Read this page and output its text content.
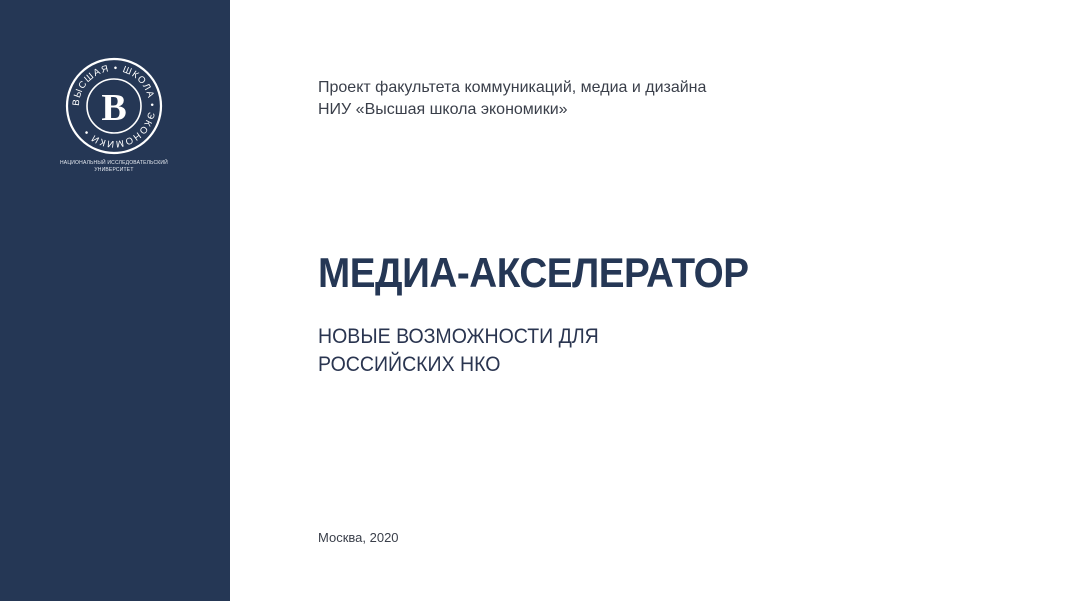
ВЫСШАЯ • ШКОЛА • ЭКОНОМИКИ •
В
НАЦИОНАЛЬНЫЙ ИССЛЕДОВАТЕЛЬСКИЙ
УНИВЕРСИТЕТ
Проект факультета коммуникаций, медиа и дизайна
НИУ «Высшая школа экономики»
МЕДИА-АКСЕЛЕРАТОР
НОВЫЕ ВОЗМОЖНОСТИ ДЛЯ
РОССИЙСКИХ НКО
Москва, 2020
